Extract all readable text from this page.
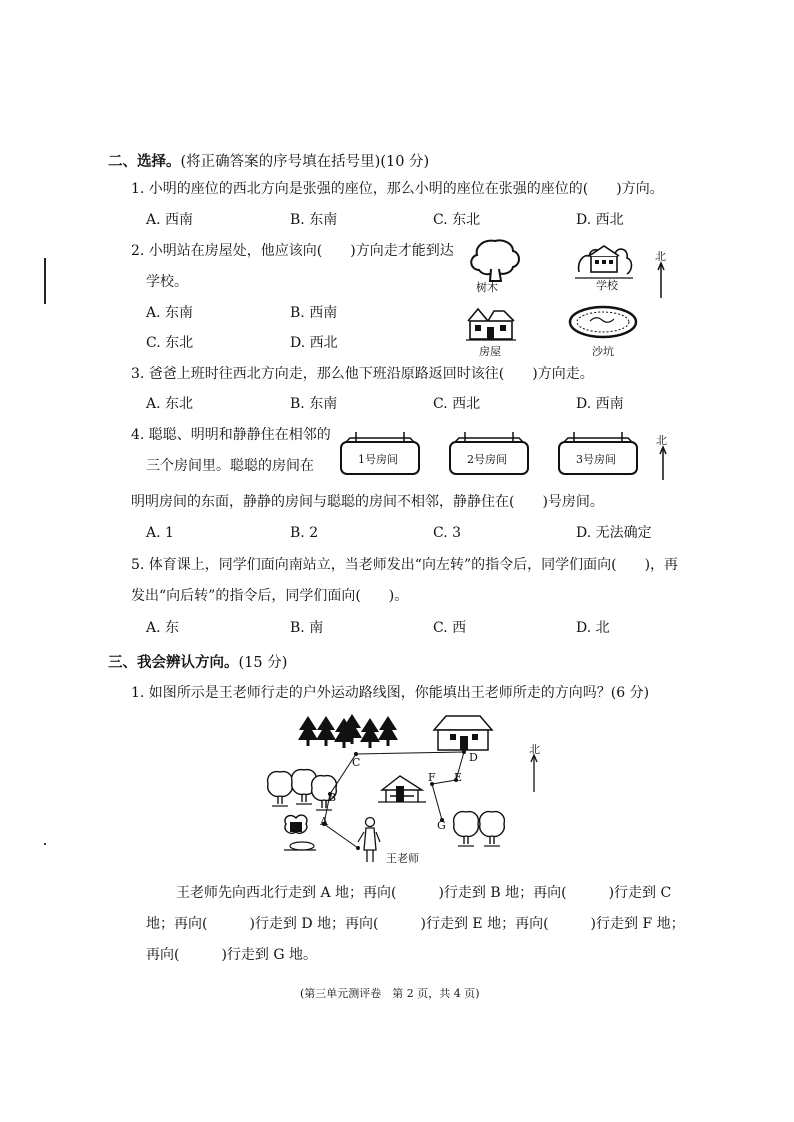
二、选择。(将正确答案的序号填在括号里)(10 分)
1. 小明的座位的西北方向是张强的座位，那么小明的座位在张强的座位的(　　)方向。
A. 西南	B. 东南	C. 东北	D. 西北
2. 小明站在房屋处，他应该向(　　)方向走才能到达
学校。
A. 东南	B. 西南
C. 东北	D. 西北
树木	学校
北
房屋	沙坑
3. 爸爸上班时往西北方向走，那么他下班沿原路返回时该往(　　)方向走。
A. 东北	B. 东南	C. 西北	D. 西南
4. 聪聪、明明和静静住在相邻的
三个房间里。聪聪的房间在	1号房间	2号房间	3号房间
北
明明房间的东面，静静的房间与聪聪的房间不相邻，静静住在(　　)号房间。
A. 1	B. 2	C. 3	D. 无法确定
5. 体育课上，同学们面向南站立，当老师发出“向左转”的指令后，同学们面向(　　)，再
发出“向后转”的指令后，同学们面向(　　)。
A. 东	B. 南	C. 西	D. 北
三、我会辨认方向。(15 分)
1. 如图所示是王老师行走的户外运动路线图，你能填出王老师所走的方向吗？(6 分)
A
B
C	D
E
F
G
王老师
北
王老师先向西北行走到 A 地；再向(　　　)行走到 B 地；再向(　　　)行走到 C
地；再向(　　　)行走到 D 地；再向(　　　)行走到 E 地；再向(　　　)行走到 F 地；
再向(　　　)行走到 G 地。
(第三单元测评卷　第 2 页，共 4 页)
